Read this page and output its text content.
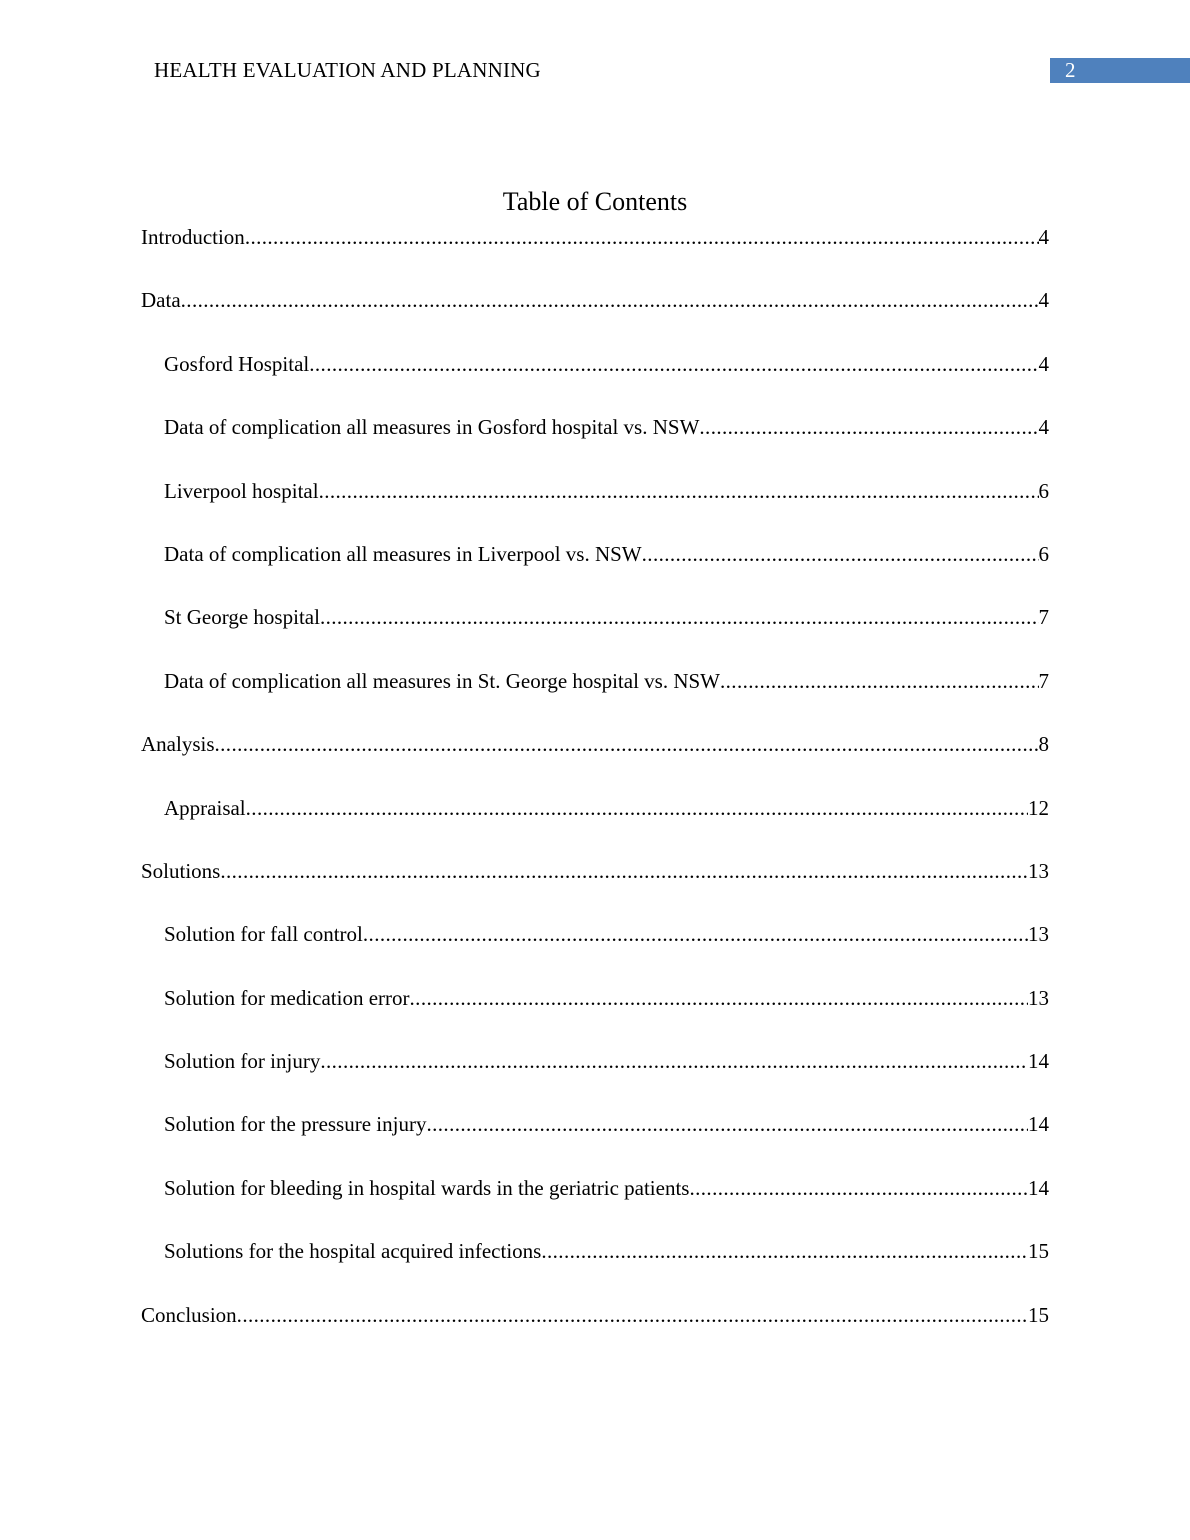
HEALTH EVALUATION AND PLANNING	2
Table of Contents
Introduction .....	4
Data .....	4
Gosford Hospital .....	4
Data of complication all measures in Gosford hospital vs. NSW .....	4
Liverpool hospital .....	6
Data of complication all measures in Liverpool vs. NSW .....	6
St George hospital .....	7
Data of complication all measures in St. George hospital vs. NSW .....	7
Analysis .....	8
Appraisal .....	12
Solutions .....	13
Solution for fall control .....	13
Solution for medication error .....	13
Solution for injury .....	14
Solution for the pressure injury .....	14
Solution for bleeding in hospital wards in the geriatric patients .....	14
Solutions for the hospital acquired infections .....	15
Conclusion .....	15
